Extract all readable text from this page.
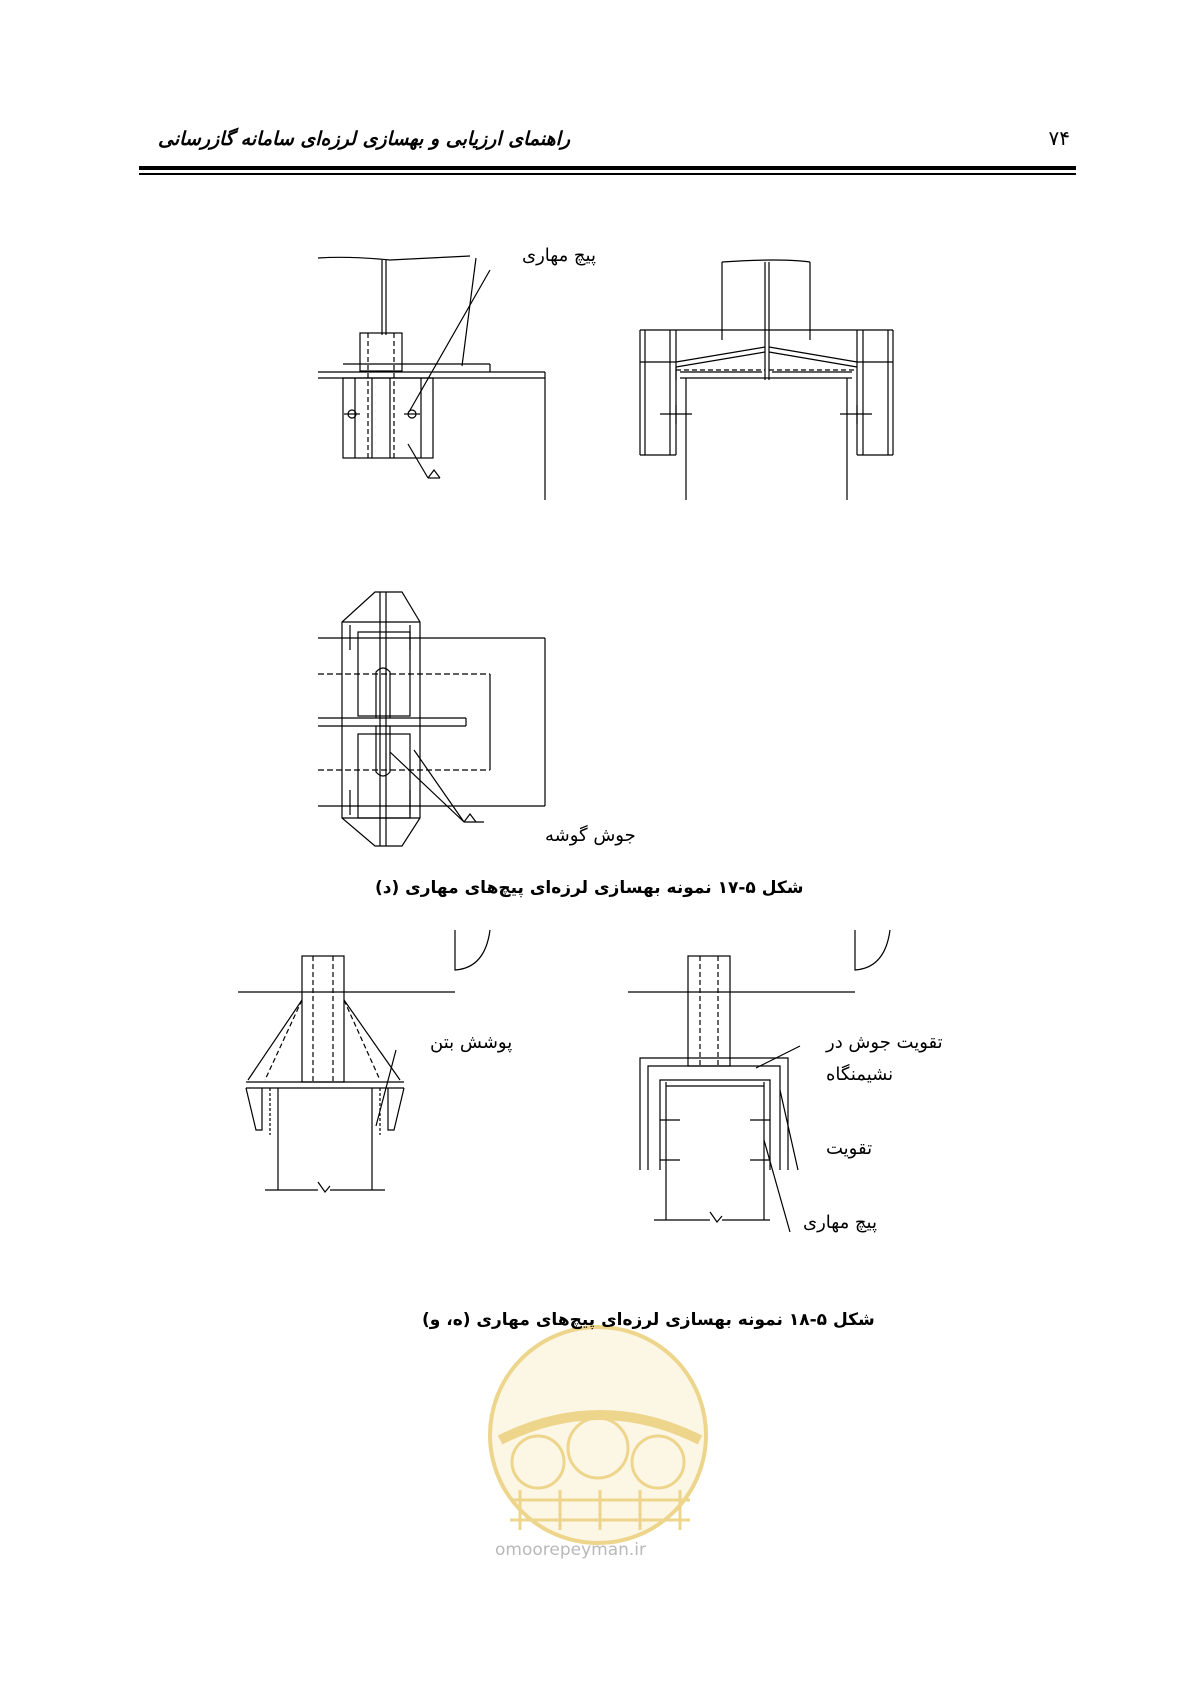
راهنمای ارزیابی و بهسازی لرزه‌ای سامانه گازرسانی	۷۴
پیچ مهاری
جوش گوشه
شکل ۵-۱۷ نمونه بهسازی لرزه‌ای پیچ‌های مهاری (د)
پوشش بتن	تقویت جوش در
نشیمنگاه
تقویت
پیچ مهاری
شکل ۵-۱۸ نمونه بهسازی لرزه‌ای پیچ‌های مهاری (ه، و)
omoorepeyman.ir
